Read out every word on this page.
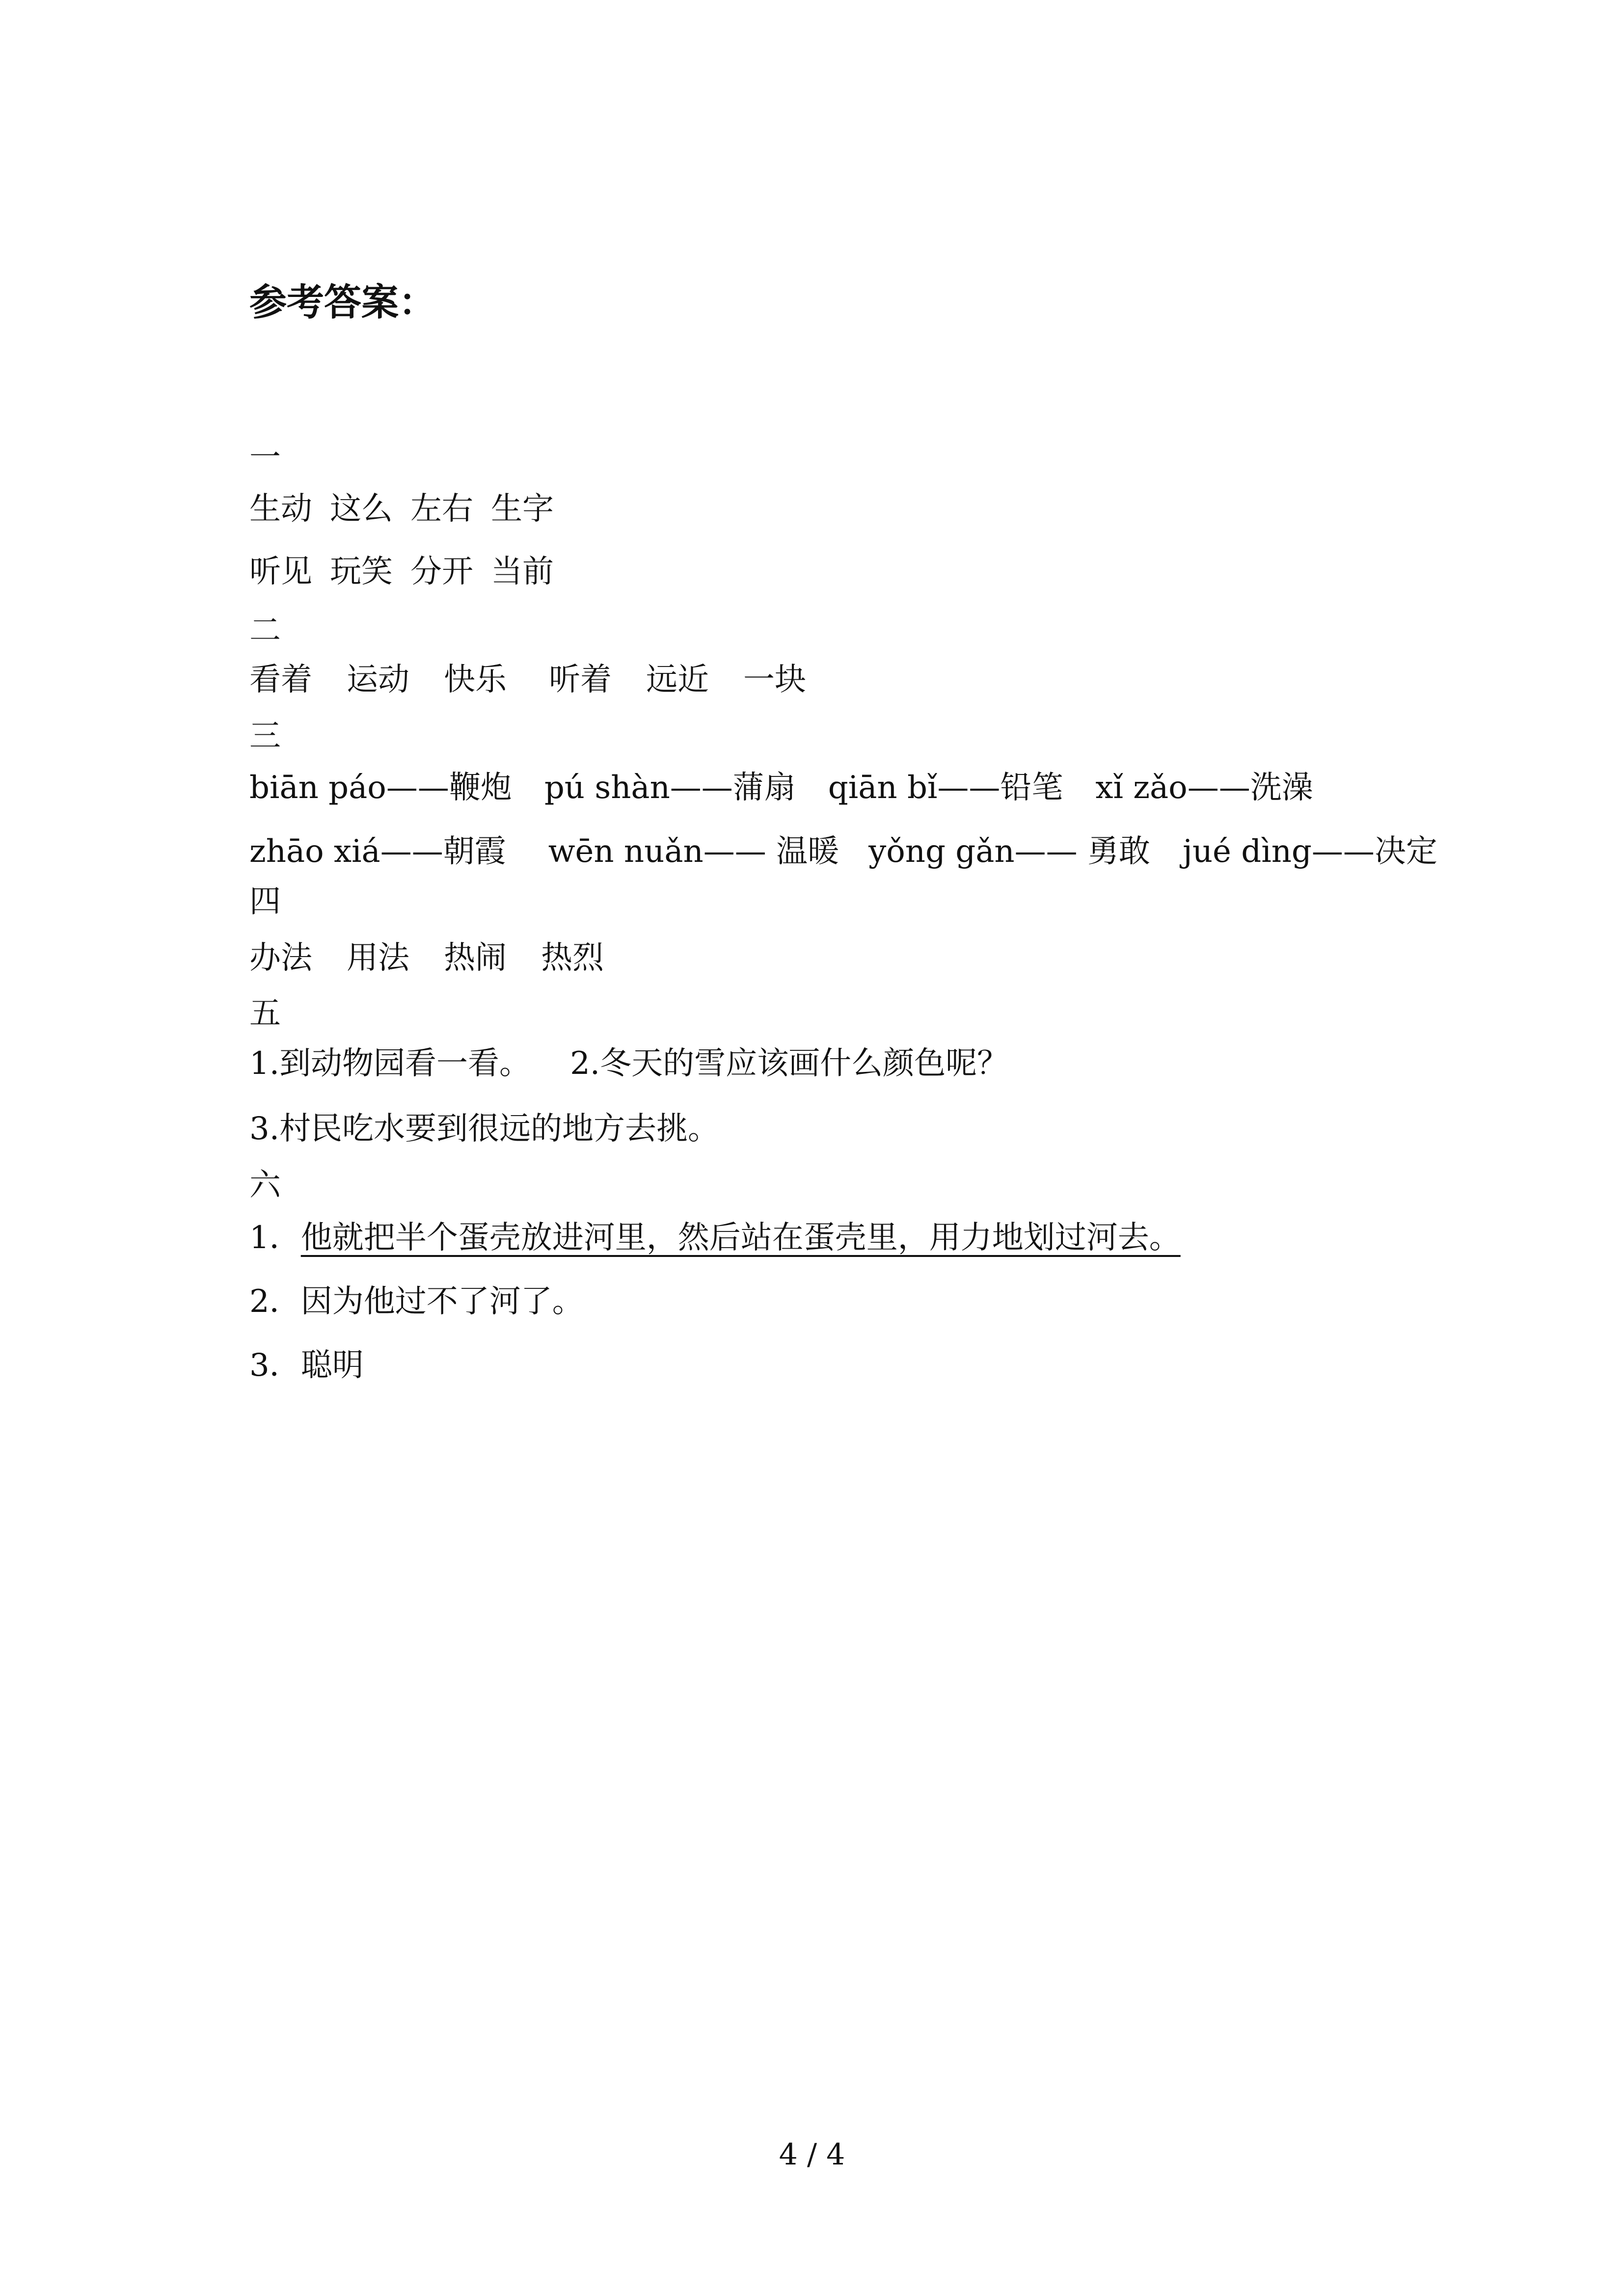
参考答案：
一
生动 这么 左右 生字
听见 玩笑 分开 当前
二
看着 运动 快乐 听着 远近 一块
三
biān páo——鞭炮 pú shàn——蒲扇 qiān bǐ——铅笔 xǐ zǎo——洗澡
zhāo xiá——朝霞 wēn nuǎn—— 温暖 yǒng gǎn—— 勇敢 jué dìng——决定
四
办法 用法 热闹 热烈
五
1.到动物园看一看。 2.冬天的雪应该画什么颜色呢？
3.村民吃水要到很远的地方去挑。
六
1．他就把半个蛋壳放进河里，然后站在蛋壳里，用力地划过河去。
2．因为他过不了河了。
3．聪明
4 / 4
